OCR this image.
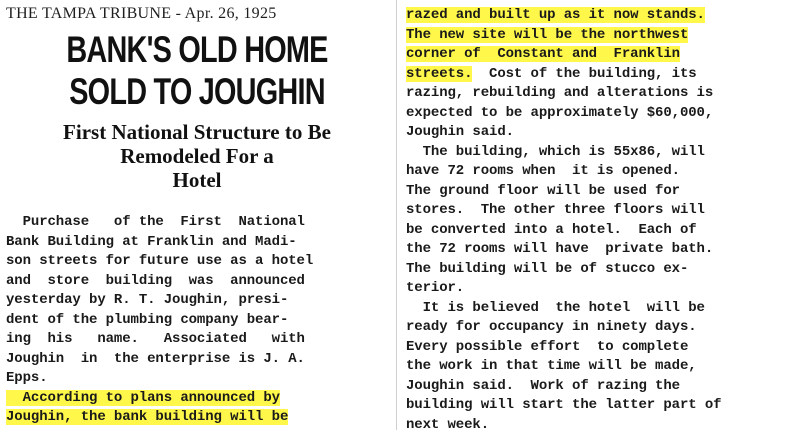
THE TAMPA TRIBUNE - Apr. 26, 1925
BANK'S OLD HOME
SOLD TO JOUGHIN
First National Structure to Be
Remodeled For a
Hotel
Purchase   of the  First  National
Bank Building at Franklin and Madi-
son streets for future use as a hotel
and  store  building  was  announced
yesterday by R. T. Joughin, presi-
dent of the plumbing company bear-
ing  his   name.   Associated   with
Joughin  in  the enterprise is J. A.
Epps.
According to plans announced by
Joughin, the bank building will be
razed and built up as it now stands.
The new site will be the northwest
corner of  Constant and  Franklin
streets.  Cost of the building, its
razing, rebuilding and alterations is
expected to be approximately $60,000,
Joughin said.
The building, which is 55x86, will
have 72 rooms when  it is opened.
The ground floor will be used for
stores.  The other three floors will
be converted into a hotel.  Each of
the 72 rooms will have  private bath.
The building will be of stucco ex-
terior.
It is believed  the hotel  will be
ready for occupancy in ninety days.
Every possible effort  to complete
the work in that time will be made,
Joughin said.  Work of razing the
building will start the latter part of
next week.
